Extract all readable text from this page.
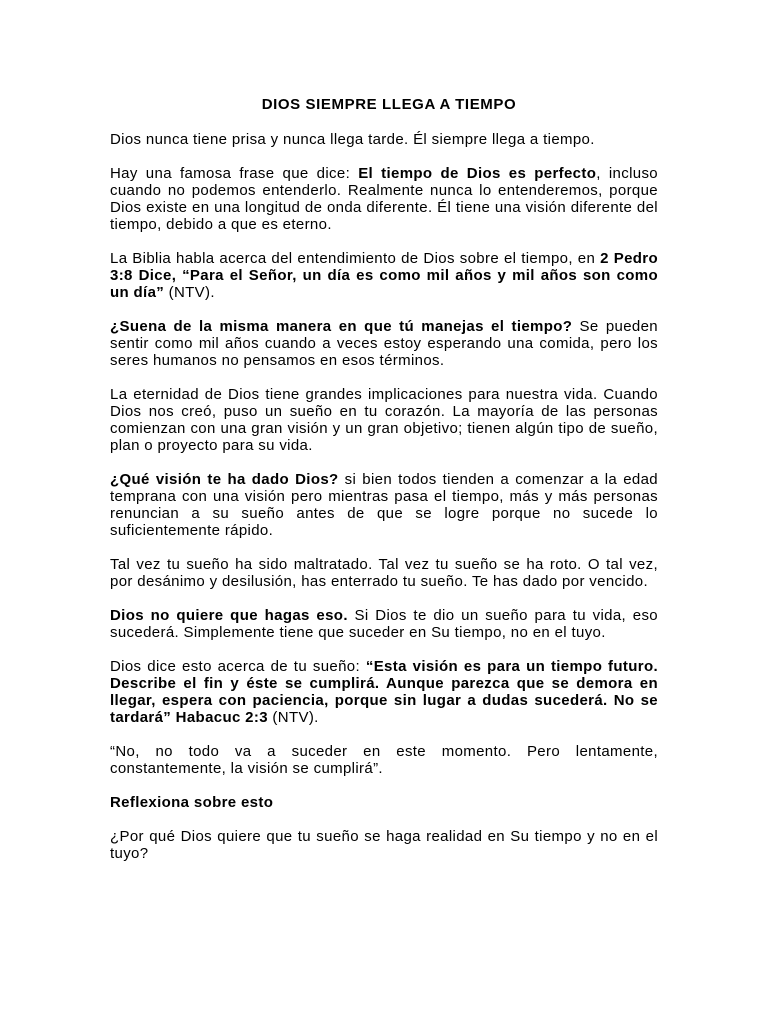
DIOS SIEMPRE LLEGA A TIEMPO

Dios nunca tiene prisa y nunca llega tarde. Él siempre llega a tiempo.

Hay una famosa frase que dice: El tiempo de Dios es perfecto, incluso cuando no podemos entenderlo. Realmente nunca lo entenderemos, porque Dios existe en una longitud de onda diferente. Él tiene una visión diferente del tiempo, debido a que es eterno.

La Biblia habla acerca del entendimiento de Dios sobre el tiempo, en 2 Pedro 3:8 Dice, “Para el Señor, un día es como mil años y mil años son como un día” (NTV).

¿Suena de la misma manera en que tú manejas el tiempo? Se pueden sentir como mil años cuando a veces estoy esperando una comida, pero los seres humanos no pensamos en esos términos.

La eternidad de Dios tiene grandes implicaciones para nuestra vida. Cuando Dios nos creó, puso un sueño en tu corazón. La mayoría de las personas comienzan con una gran visión y un gran objetivo; tienen algún tipo de sueño, plan o proyecto para su vida.

¿Qué visión te ha dado Dios? si bien todos tienden a comenzar a la edad temprana con una visión pero mientras pasa el tiempo, más y más personas renuncian a su sueño antes de que se logre porque no sucede lo suficientemente rápido.

Tal vez tu sueño ha sido maltratado. Tal vez tu sueño se ha roto. O tal vez, por desánimo y desilusión, has enterrado tu sueño. Te has dado por vencido.

Dios no quiere que hagas eso. Si Dios te dio un sueño para tu vida, eso sucederá. Simplemente tiene que suceder en Su tiempo, no en el tuyo.

Dios dice esto acerca de tu sueño: “Esta visión es para un tiempo futuro. Describe el fin y éste se cumplirá. Aunque parezca que se demora en llegar, espera con paciencia, porque sin lugar a dudas sucederá. No se tardará” Habacuc 2:3 (NTV).

“No, no todo va a suceder en este momento. Pero lentamente, constantemente, la visión se cumplirá”.

Reflexiona sobre esto

¿Por qué Dios quiere que tu sueño se haga realidad en Su tiempo y no en el tuyo?
